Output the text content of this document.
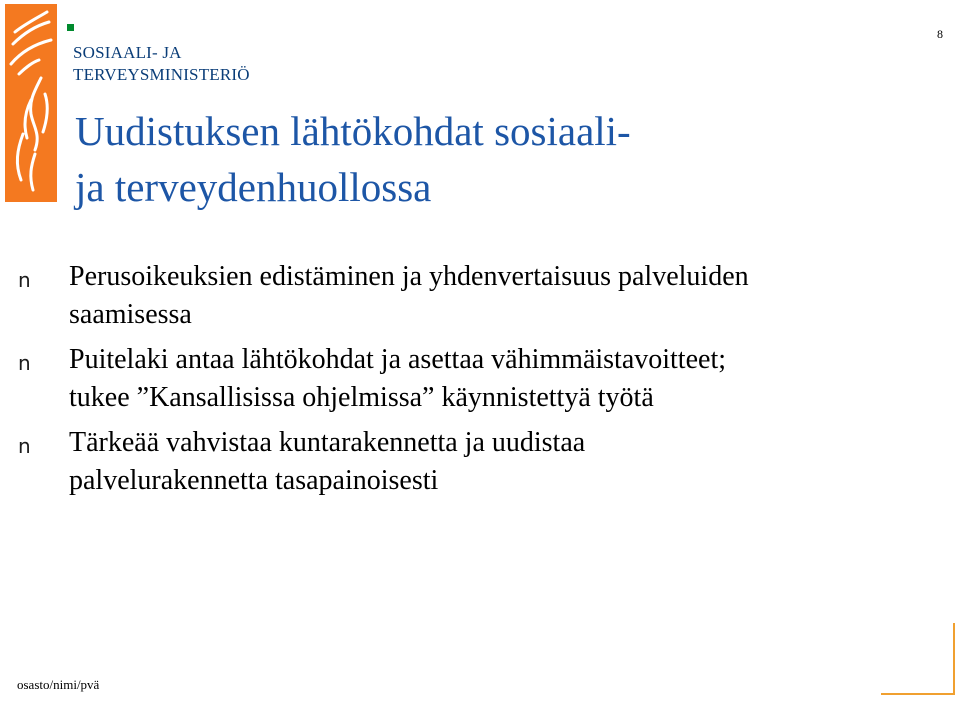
SOSIAALI- JA
TERVEYSMINISTERIÖ
8
Uudistuksen lähtökohdat sosiaali-
ja terveydenhuollossa
n Perusoikeuksien edistäminen ja yhdenvertaisuus palveluiden
saamisessa
n Puitelaki antaa lähtökohdat ja asettaa vähimmäistavoitteet;
tukee ”Kansallisissa ohjelmissa” käynnistettyä työtä
n Tärkeää vahvistaa kuntarakennetta ja uudistaa
palvelurakennetta tasapainoisesti
osasto/nimi/pvä
